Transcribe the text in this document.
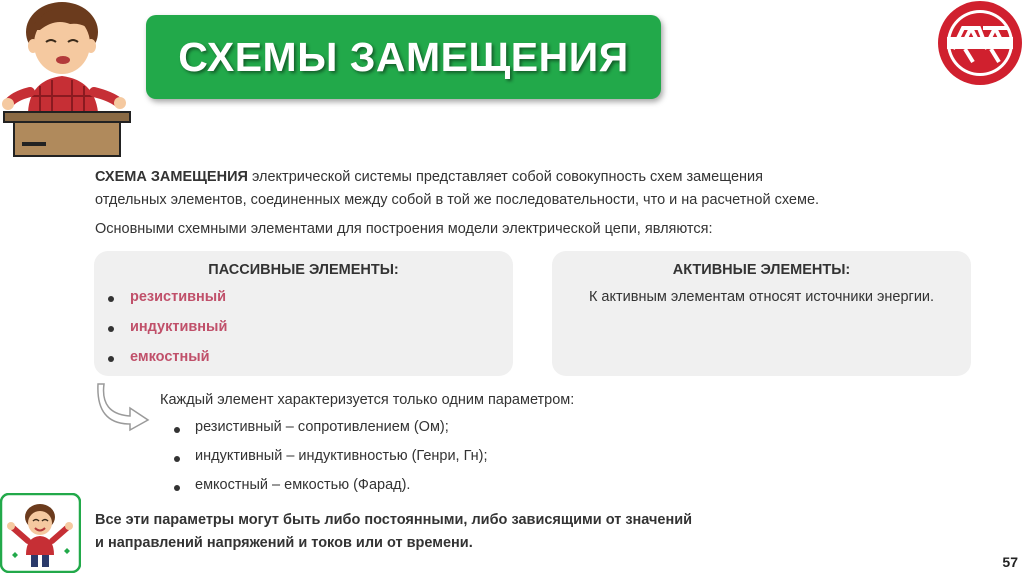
СХЕМЫ ЗАМЕЩЕНИЯ
СХЕМА ЗАМЕЩЕНИЯ электрической системы представляет собой совокупность схем замещения
отдельных элементов, соединенных между собой в той же последовательности, что и на расчетной схеме.
Основными схемными элементами для построения модели электрической цепи, являются:
ПАССИВНЫЕ ЭЛЕМЕНТЫ:
резистивный
индуктивный
емкостный
АКТИВНЫЕ ЭЛЕМЕНТЫ:
К активным элементам относят источники энергии.
Каждый элемент характеризуется только одним параметром:
резистивный – сопротивлением (Ом);
индуктивный – индуктивностью (Генри, Гн);
емкостный – емкостью (Фарад).
Все эти параметры могут быть либо постоянными, либо зависящими от значений
и направлений напряжений и токов или от времени.
57
